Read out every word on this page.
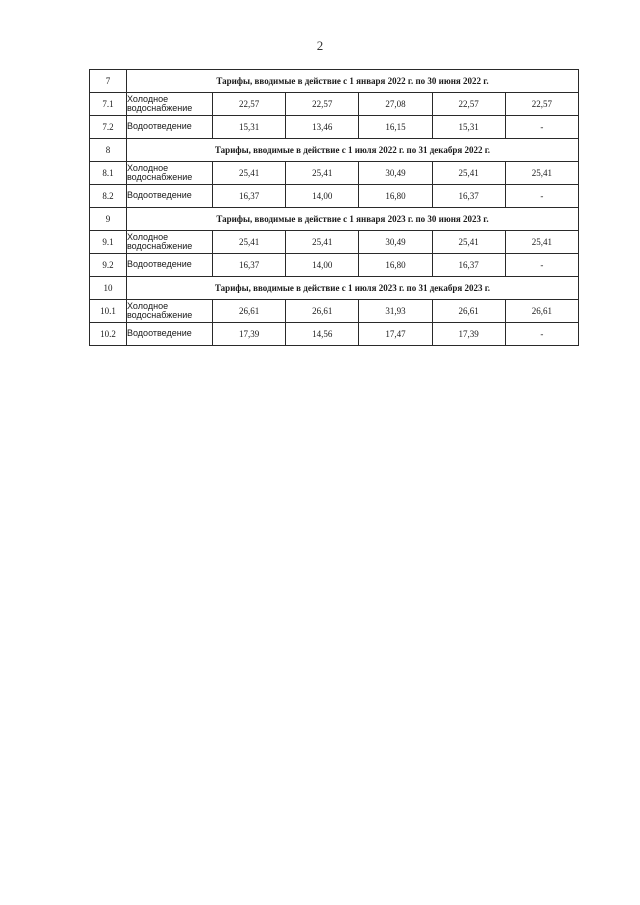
2
7	Тарифы, вводимые в действие с 1 января 2022 г. по 30 июня 2022 г.					
7.1	Холодное водоснабжение	22,57	22,57	27,08	22,57	22,57
7.2	Водоотведение	15,31	13,46	16,15	15,31	-
8	Тарифы, вводимые в действие с 1 июля 2022 г. по 31 декабря 2022 г.					
8.1	Холодное водоснабжение	25,41	25,41	30,49	25,41	25,41
8.2	Водоотведение	16,37	14,00	16,80	16,37	-
9	Тарифы, вводимые в действие с 1 января 2023 г. по 30 июня 2023 г.					
9.1	Холодное водоснабжение	25,41	25,41	30,49	25,41	25,41
9.2	Водоотведение	16,37	14,00	16,80	16,37	-
10	Тарифы, вводимые в действие с 1 июля 2023 г. по 31 декабря 2023 г.					
10.1	Холодное водоснабжение	26,61	26,61	31,93	26,61	26,61
10.2	Водоотведение	17,39	14,56	17,47	17,39	-
